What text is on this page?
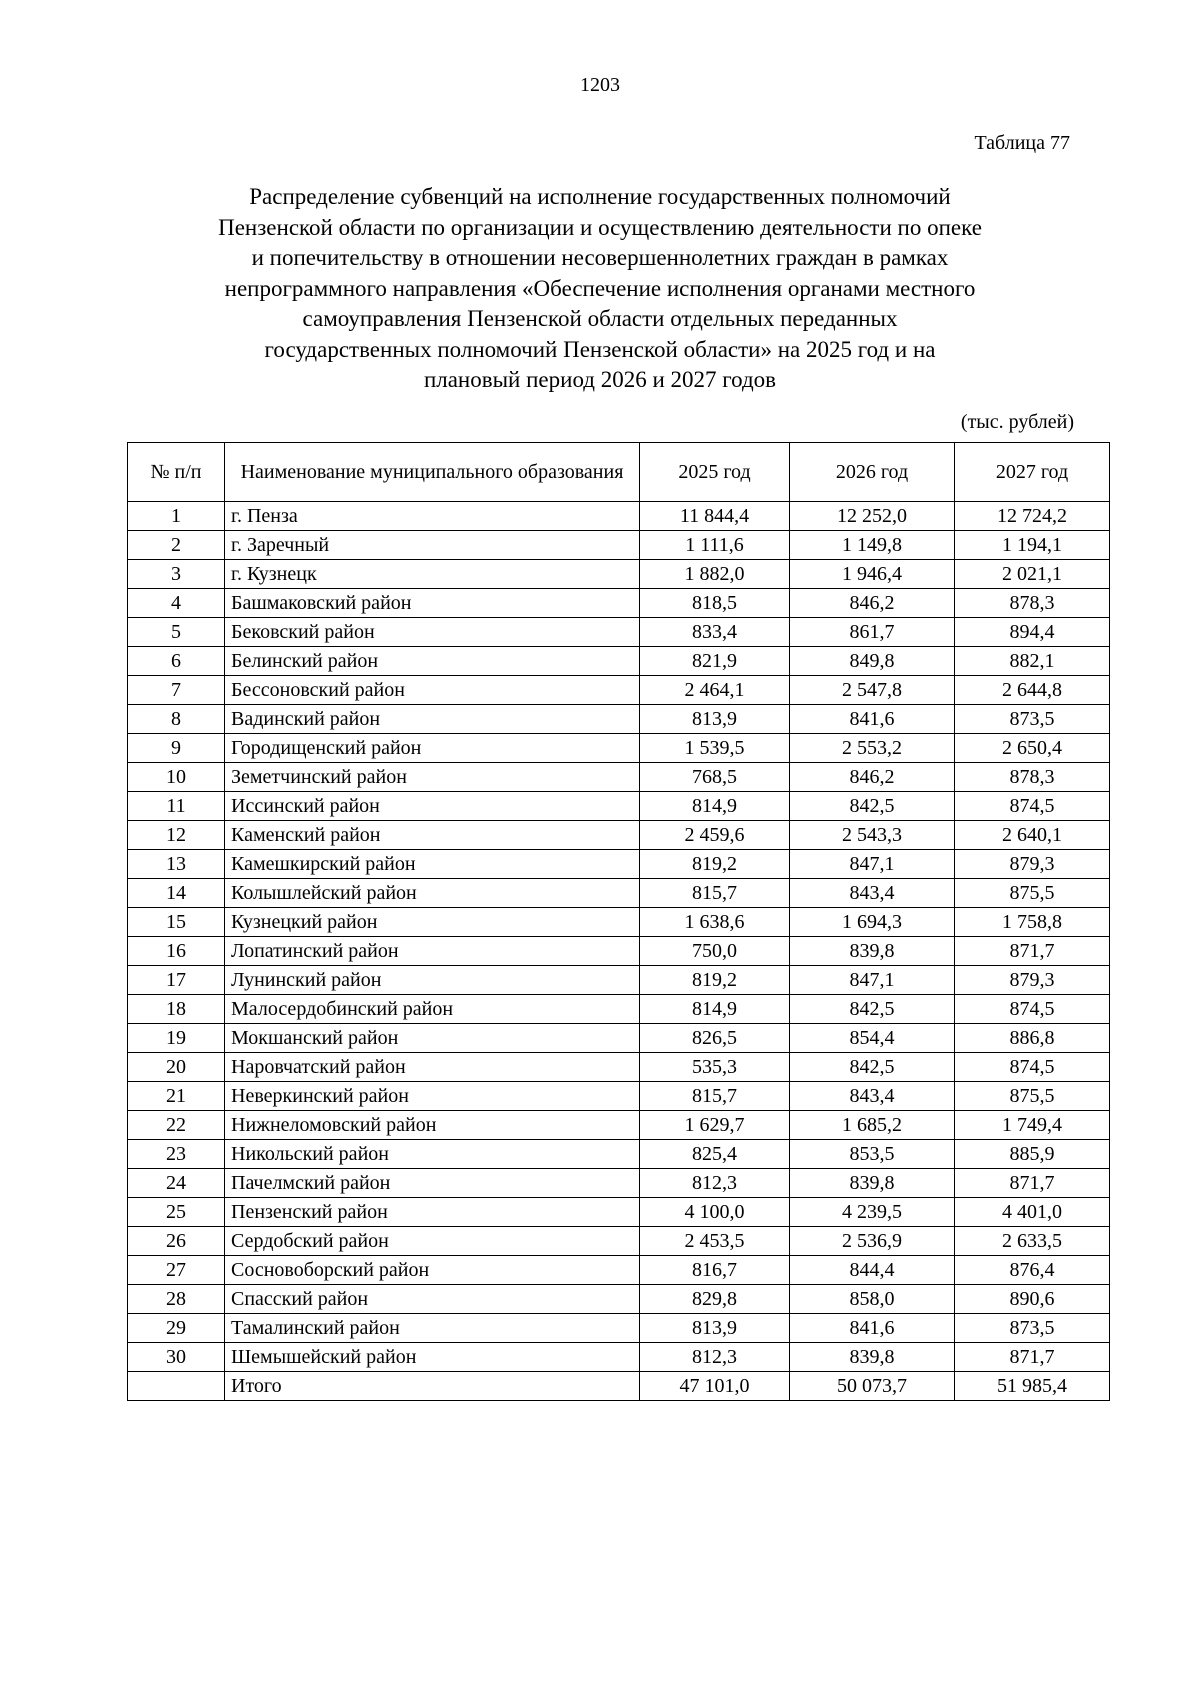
1203
Таблица 77
Распределение субвенций на исполнение государственных полномочий
Пензенской области по организации и осуществлению деятельности по опеке
и попечительству в отношении несовершеннолетних граждан в рамках
непрограммного направления «Обеспечение исполнения органами местного
самоуправления Пензенской области отдельных переданных
государственных полномочий Пензенской области» на 2025 год и на
плановый период 2026 и 2027 годов
(тыс. рублей)
№ п/п	Наименование муниципального образования	2025 год	2026 год	2027 год
1	г. Пенза	11 844,4	12 252,0	12 724,2
2	г. Заречный	1 111,6	1 149,8	1 194,1
3	г. Кузнецк	1 882,0	1 946,4	2 021,1
4	Башмаковский район	818,5	846,2	878,3
5	Бековский район	833,4	861,7	894,4
6	Белинский район	821,9	849,8	882,1
7	Бессоновский район	2 464,1	2 547,8	2 644,8
8	Вадинский район	813,9	841,6	873,5
9	Городищенский район	1 539,5	2 553,2	2 650,4
10	Земетчинский район	768,5	846,2	878,3
11	Иссинский район	814,9	842,5	874,5
12	Каменский район	2 459,6	2 543,3	2 640,1
13	Камешкирский район	819,2	847,1	879,3
14	Колышлейский район	815,7	843,4	875,5
15	Кузнецкий район	1 638,6	1 694,3	1 758,8
16	Лопатинский район	750,0	839,8	871,7
17	Лунинский район	819,2	847,1	879,3
18	Малосердобинский район	814,9	842,5	874,5
19	Мокшанский район	826,5	854,4	886,8
20	Наровчатский район	535,3	842,5	874,5
21	Неверкинский район	815,7	843,4	875,5
22	Нижнеломовский район	1 629,7	1 685,2	1 749,4
23	Никольский район	825,4	853,5	885,9
24	Пачелмский район	812,3	839,8	871,7
25	Пензенский район	4 100,0	4 239,5	4 401,0
26	Сердобский район	2 453,5	2 536,9	2 633,5
27	Сосновоборский район	816,7	844,4	876,4
28	Спасский район	829,8	858,0	890,6
29	Тамалинский район	813,9	841,6	873,5
30	Шемышейский район	812,3	839,8	871,7
	Итого	47 101,0	50 073,7	51 985,4
